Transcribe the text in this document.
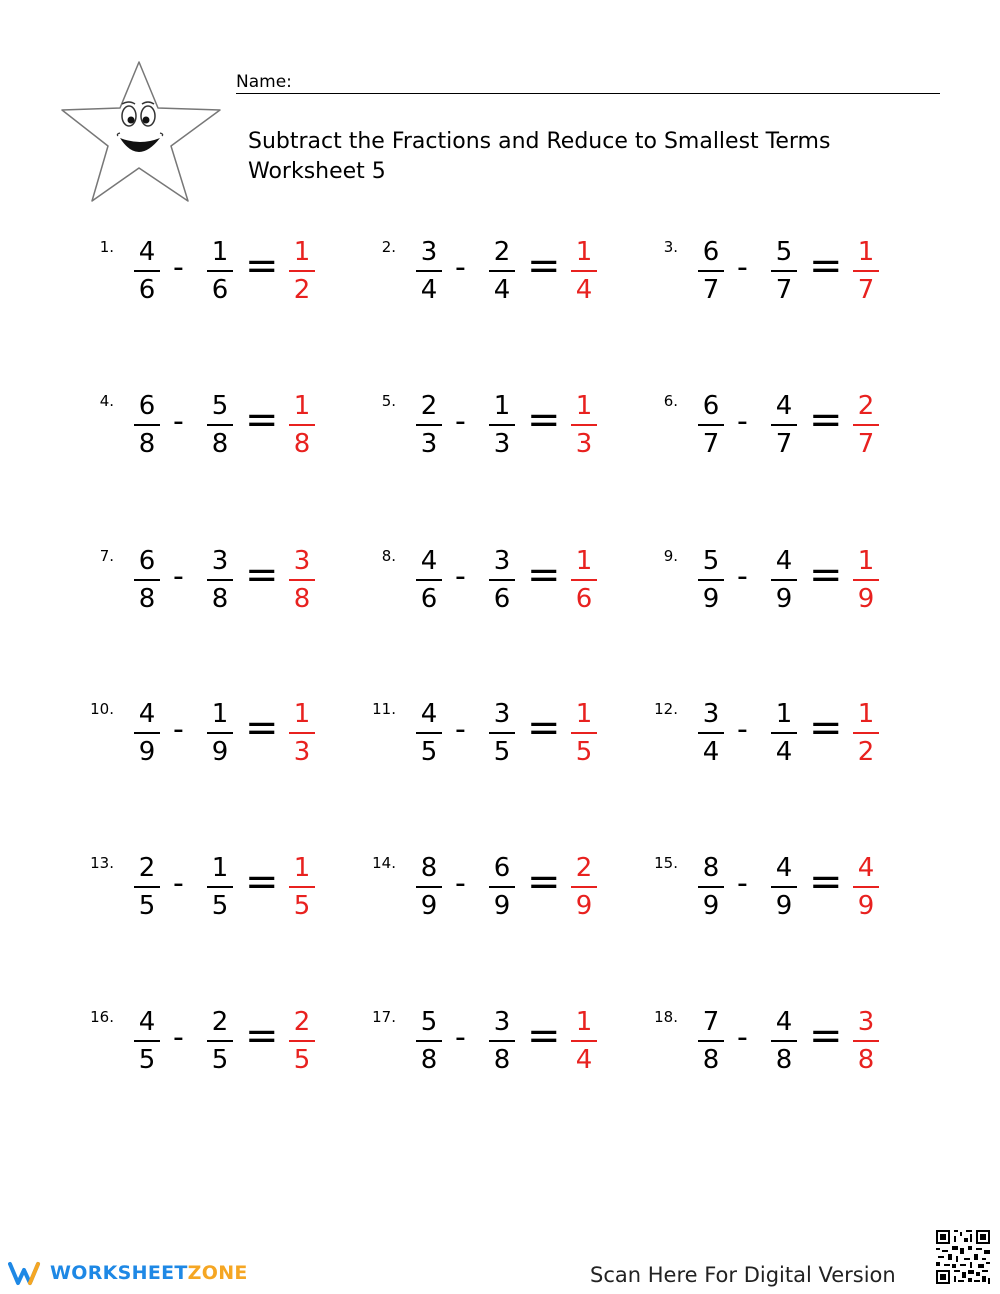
Name:
Subtract the Fractions and Reduce to Smallest Terms
Worksheet 5
1. 4
6
- 1
6
= 1
2
2. 3
4
- 2
4
= 1
4
3. 6
7
- 5
7
= 1
7
4. 6
8
- 5
8
= 1
8
5. 2
3
- 1
3
= 1
3
6. 6
7
- 4
7
= 2
7
7. 6
8
- 3
8
= 3
8
8. 4
6
- 3
6
= 1
6
9. 5
9
- 4
9
= 1
9
10. 4
9
- 1
9
= 1
3
11. 4
5
- 3
5
= 1
5
12. 3
4
- 1
4
= 1
2
13. 2
5
- 1
5
= 1
5
14. 8
9
- 6
9
= 2
9
15. 8
9
- 4
9
= 4
9
16. 4
5
- 2
5
= 2
5
17. 5
8
- 3
8
= 1
4
18. 7
8
- 4
8
= 3
8
WORKSHEETZONE	Scan Here For Digital Version
